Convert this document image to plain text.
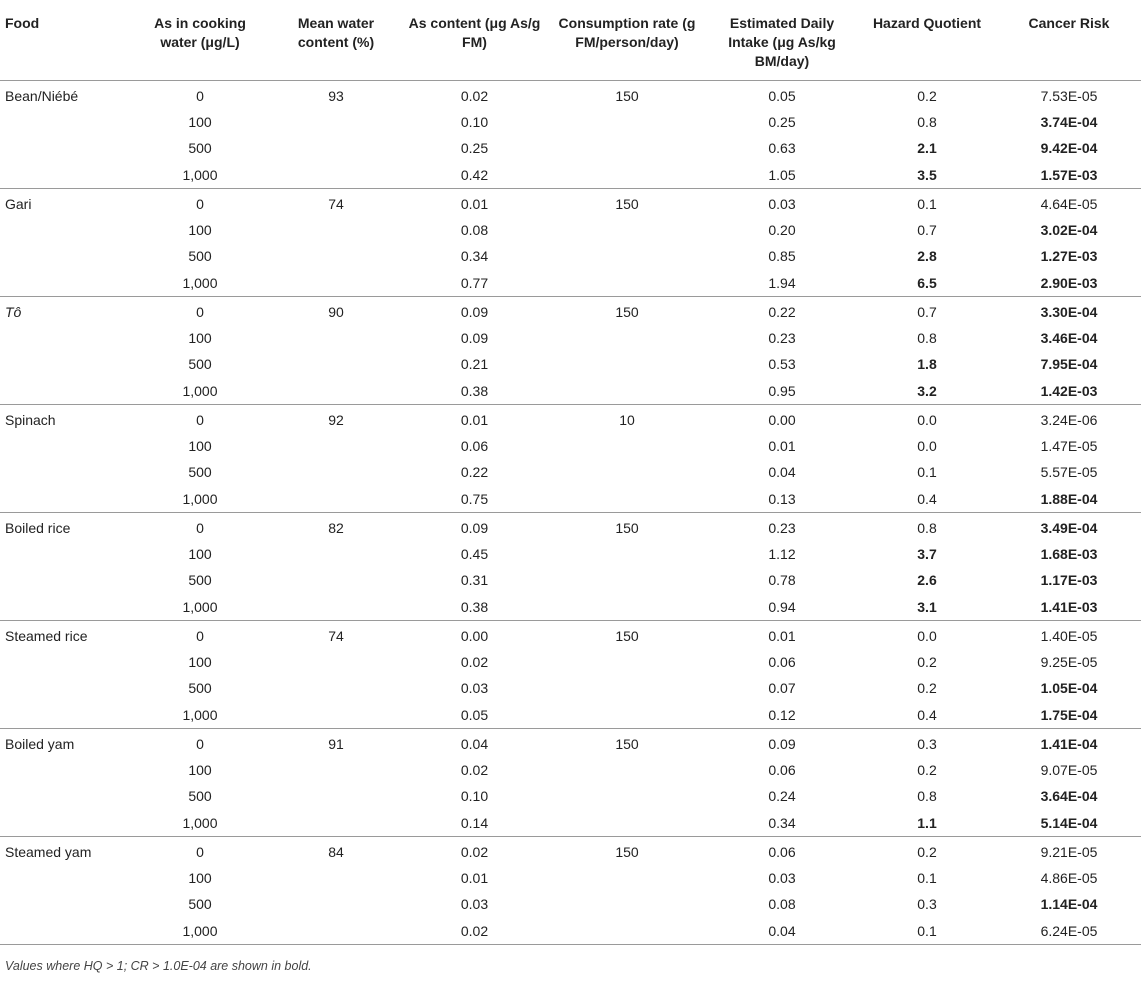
Food	As in cooking water (μg/L)	Mean water content (%)	As content (μg As/g FM)	Consumption rate (g FM/person/day)	Estimated Daily Intake (μg As/kg BM/day)	Hazard Quotient	Cancer Risk
Bean/Niébé	0	93	0.02	150	0.05	0.2	7.53E-05
	100		0.10		0.25	0.8	3.74E-04
	500		0.25		0.63	2.1	9.42E-04
	1,000		0.42		1.05	3.5	1.57E-03
Gari	0	74	0.01	150	0.03	0.1	4.64E-05
	100		0.08		0.20	0.7	3.02E-04
	500		0.34		0.85	2.8	1.27E-03
	1,000		0.77		1.94	6.5	2.90E-03
Tô	0	90	0.09	150	0.22	0.7	3.30E-04
	100		0.09		0.23	0.8	3.46E-04
	500		0.21		0.53	1.8	7.95E-04
	1,000		0.38		0.95	3.2	1.42E-03
Spinach	0	92	0.01	10	0.00	0.0	3.24E-06
	100		0.06		0.01	0.0	1.47E-05
	500		0.22		0.04	0.1	5.57E-05
	1,000		0.75		0.13	0.4	1.88E-04
Boiled rice	0	82	0.09	150	0.23	0.8	3.49E-04
	100		0.45		1.12	3.7	1.68E-03
	500		0.31		0.78	2.6	1.17E-03
	1,000		0.38		0.94	3.1	1.41E-03
Steamed rice	0	74	0.00	150	0.01	0.0	1.40E-05
	100		0.02		0.06	0.2	9.25E-05
	500		0.03		0.07	0.2	1.05E-04
	1,000		0.05		0.12	0.4	1.75E-04
Boiled yam	0	91	0.04	150	0.09	0.3	1.41E-04
	100		0.02		0.06	0.2	9.07E-05
	500		0.10		0.24	0.8	3.64E-04
	1,000		0.14		0.34	1.1	5.14E-04
Steamed yam	0	84	0.02	150	0.06	0.2	9.21E-05
	100		0.01		0.03	0.1	4.86E-05
	500		0.03		0.08	0.3	1.14E-04
	1,000		0.02		0.04	0.1	6.24E-05
Values where HQ > 1; CR > 1.0E-04 are shown in bold.
